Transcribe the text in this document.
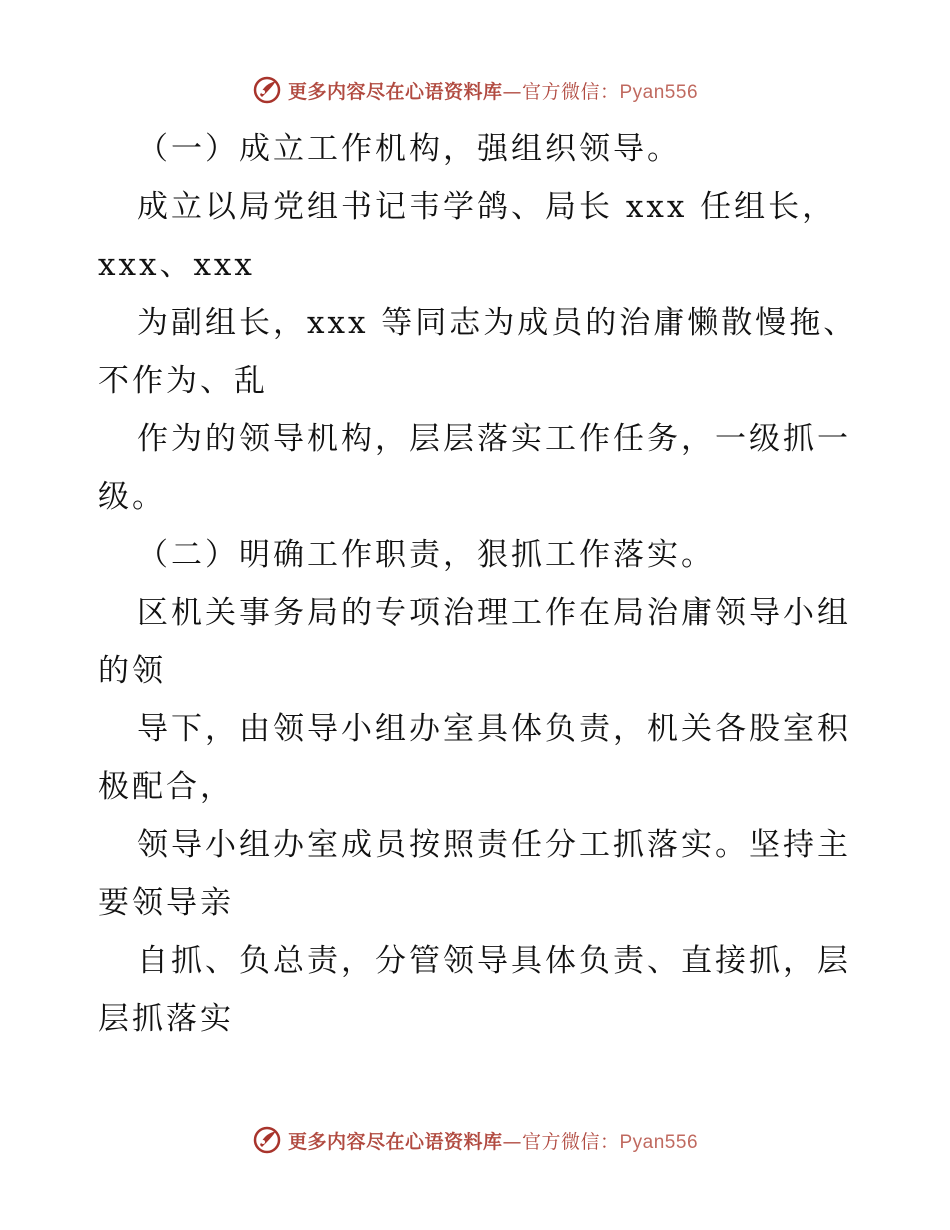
更多内容尽在心语资料库—官方微信：Pyan556
（一）成立工作机构，强组织领导。
成立以局党组书记韦学鸽、局长 xxx 任组长，
xxx、xxx
为副组长，xxx 等同志为成员的治庸懒散慢拖、
不作为、乱
作为的领导机构，层层落实工作任务，一级抓一
级。
（二）明确工作职责，狠抓工作落实。
区机关事务局的专项治理工作在局治庸领导小组
的领
导下，由领导小组办室具体负责，机关各股室积
极配合，
领导小组办室成员按照责任分工抓落实。坚持主
要领导亲
自抓、负总责，分管领导具体负责、直接抓，层
层抓落实
更多内容尽在心语资料库—官方微信：Pyan556
